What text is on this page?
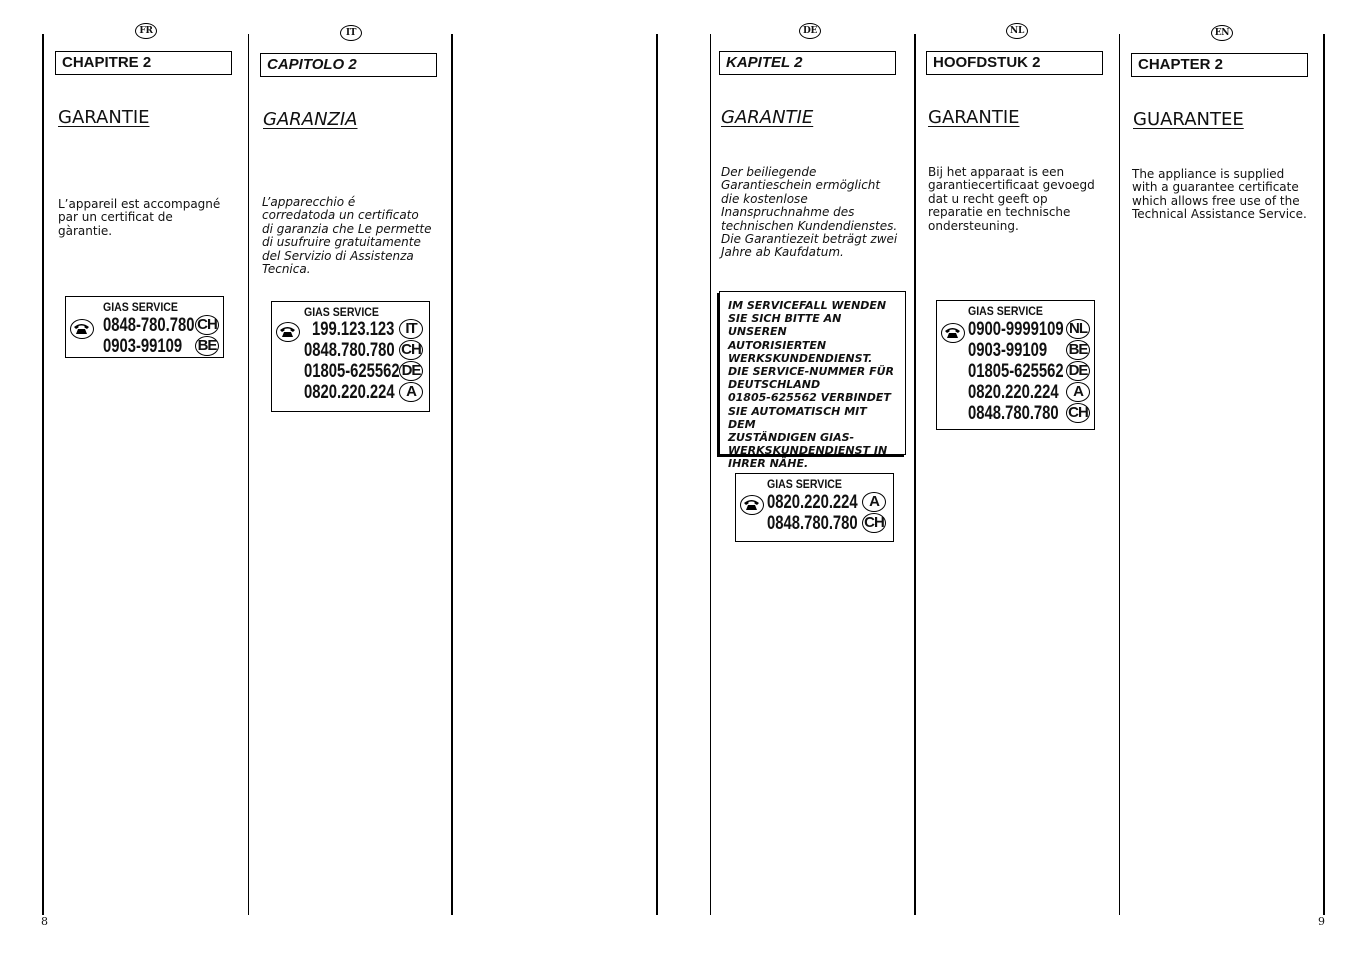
8	9
FR
CHAPITRE 2
GARANTIE

L’appareil est accompagné

par un certificat de

gàrantie.

GIAS SERVICE
0848-780.780 CH
0903-99109 BE
IT
CAPITOLO 2
GARANZIA

L’apparecchio é

corredatoda un certificato

di garanzia che Le permette

di usufruire gratuitamente

del Servizio di Assistenza

Tecnica.

GIAS SERVICE
199.123.123 IT
0848.780.780 CH
01805-625562 DE
0820.220.224 A
DE
KAPITEL 2
GARANTIE

Der beiliegende

Garantieschein ermöglicht

die kostenlose

Inanspruchnahme des

technischen Kundendienstes.

Die Garantiezeit beträgt zwei

Jahre ab Kaufdatum.

IM SERVICEFALL WENDEN

SIE SICH BITTE AN UNSEREN

AUTORISIERTEN

WERKSKUNDENDIENST.

DIE SERVICE-NUMMER FÜR

DEUTSCHLAND

01805-625562 VERBINDET

SIE AUTOMATISCH MIT DEM

ZUSTÄNDIGEN GIAS-

WERKSKUNDENDIENST IN

IHRER NÄHE.

GIAS SERVICE
0820.220.224 A
0848.780.780 CH
NL
HOOFDSTUK 2
GARANTIE

Bij het apparaat is een

garantiecertificaat gevoegd

dat u recht geeft op

reparatie en technische

ondersteuning.

GIAS SERVICE
0900-9999109 NL
0903-99109 BE
01805-625562 DE
0820.220.224 A
0848.780.780 CH
EN
CHAPTER 2
GUARANTEE

The appliance is supplied

with a guarantee certificate

which allows free use of the

Technical Assistance Service.
